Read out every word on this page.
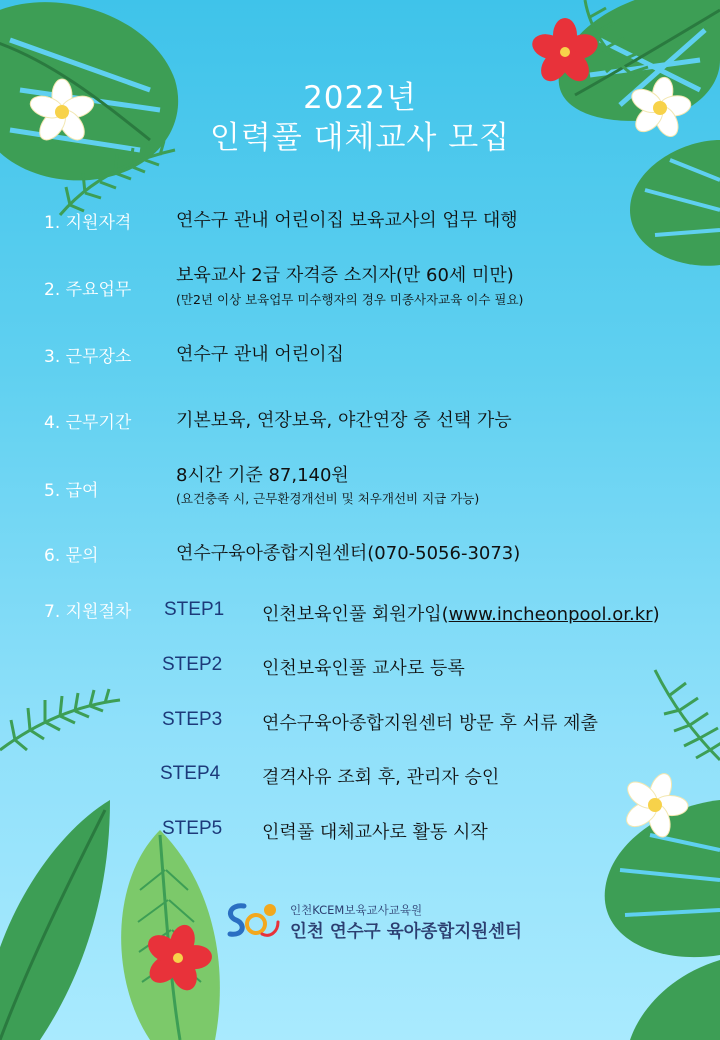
2022년
인력풀 대체교사 모집
1. 지원자격 연수구 관내 어린이집 보육교사의 업무 대행
2. 주요업무
보육교사 2급 자격증 소지자(만 60세 미만)
(만2년 이상 보육업무 미수행자의 경우 미종사자교육 이수 필요)
3. 근무장소 연수구 관내 어린이집
4. 근무기간 기본보육, 연장보육, 야간연장 중 선택 가능
5. 급여
8시간 기준 87,140원
(요건충족 시, 근무환경개선비 및 처우개선비 지급 가능)
6. 문의	연수구육아종합지원센터(070-5056-3073)
7. 지원절차 STEP1 인천보육인풀 회원가입(www.incheonpool.or.kr)
STEP2 인천보육인풀 교사로 등록
STEP3 연수구육아종합지원센터 방문 후 서류 제출
STEP4 결격사유 조회 후, 관리자 승인
STEP5 인력풀 대체교사로 활동 시작
인천KCEM보육교사교육원
인천 연수구 육아종합지원센터
